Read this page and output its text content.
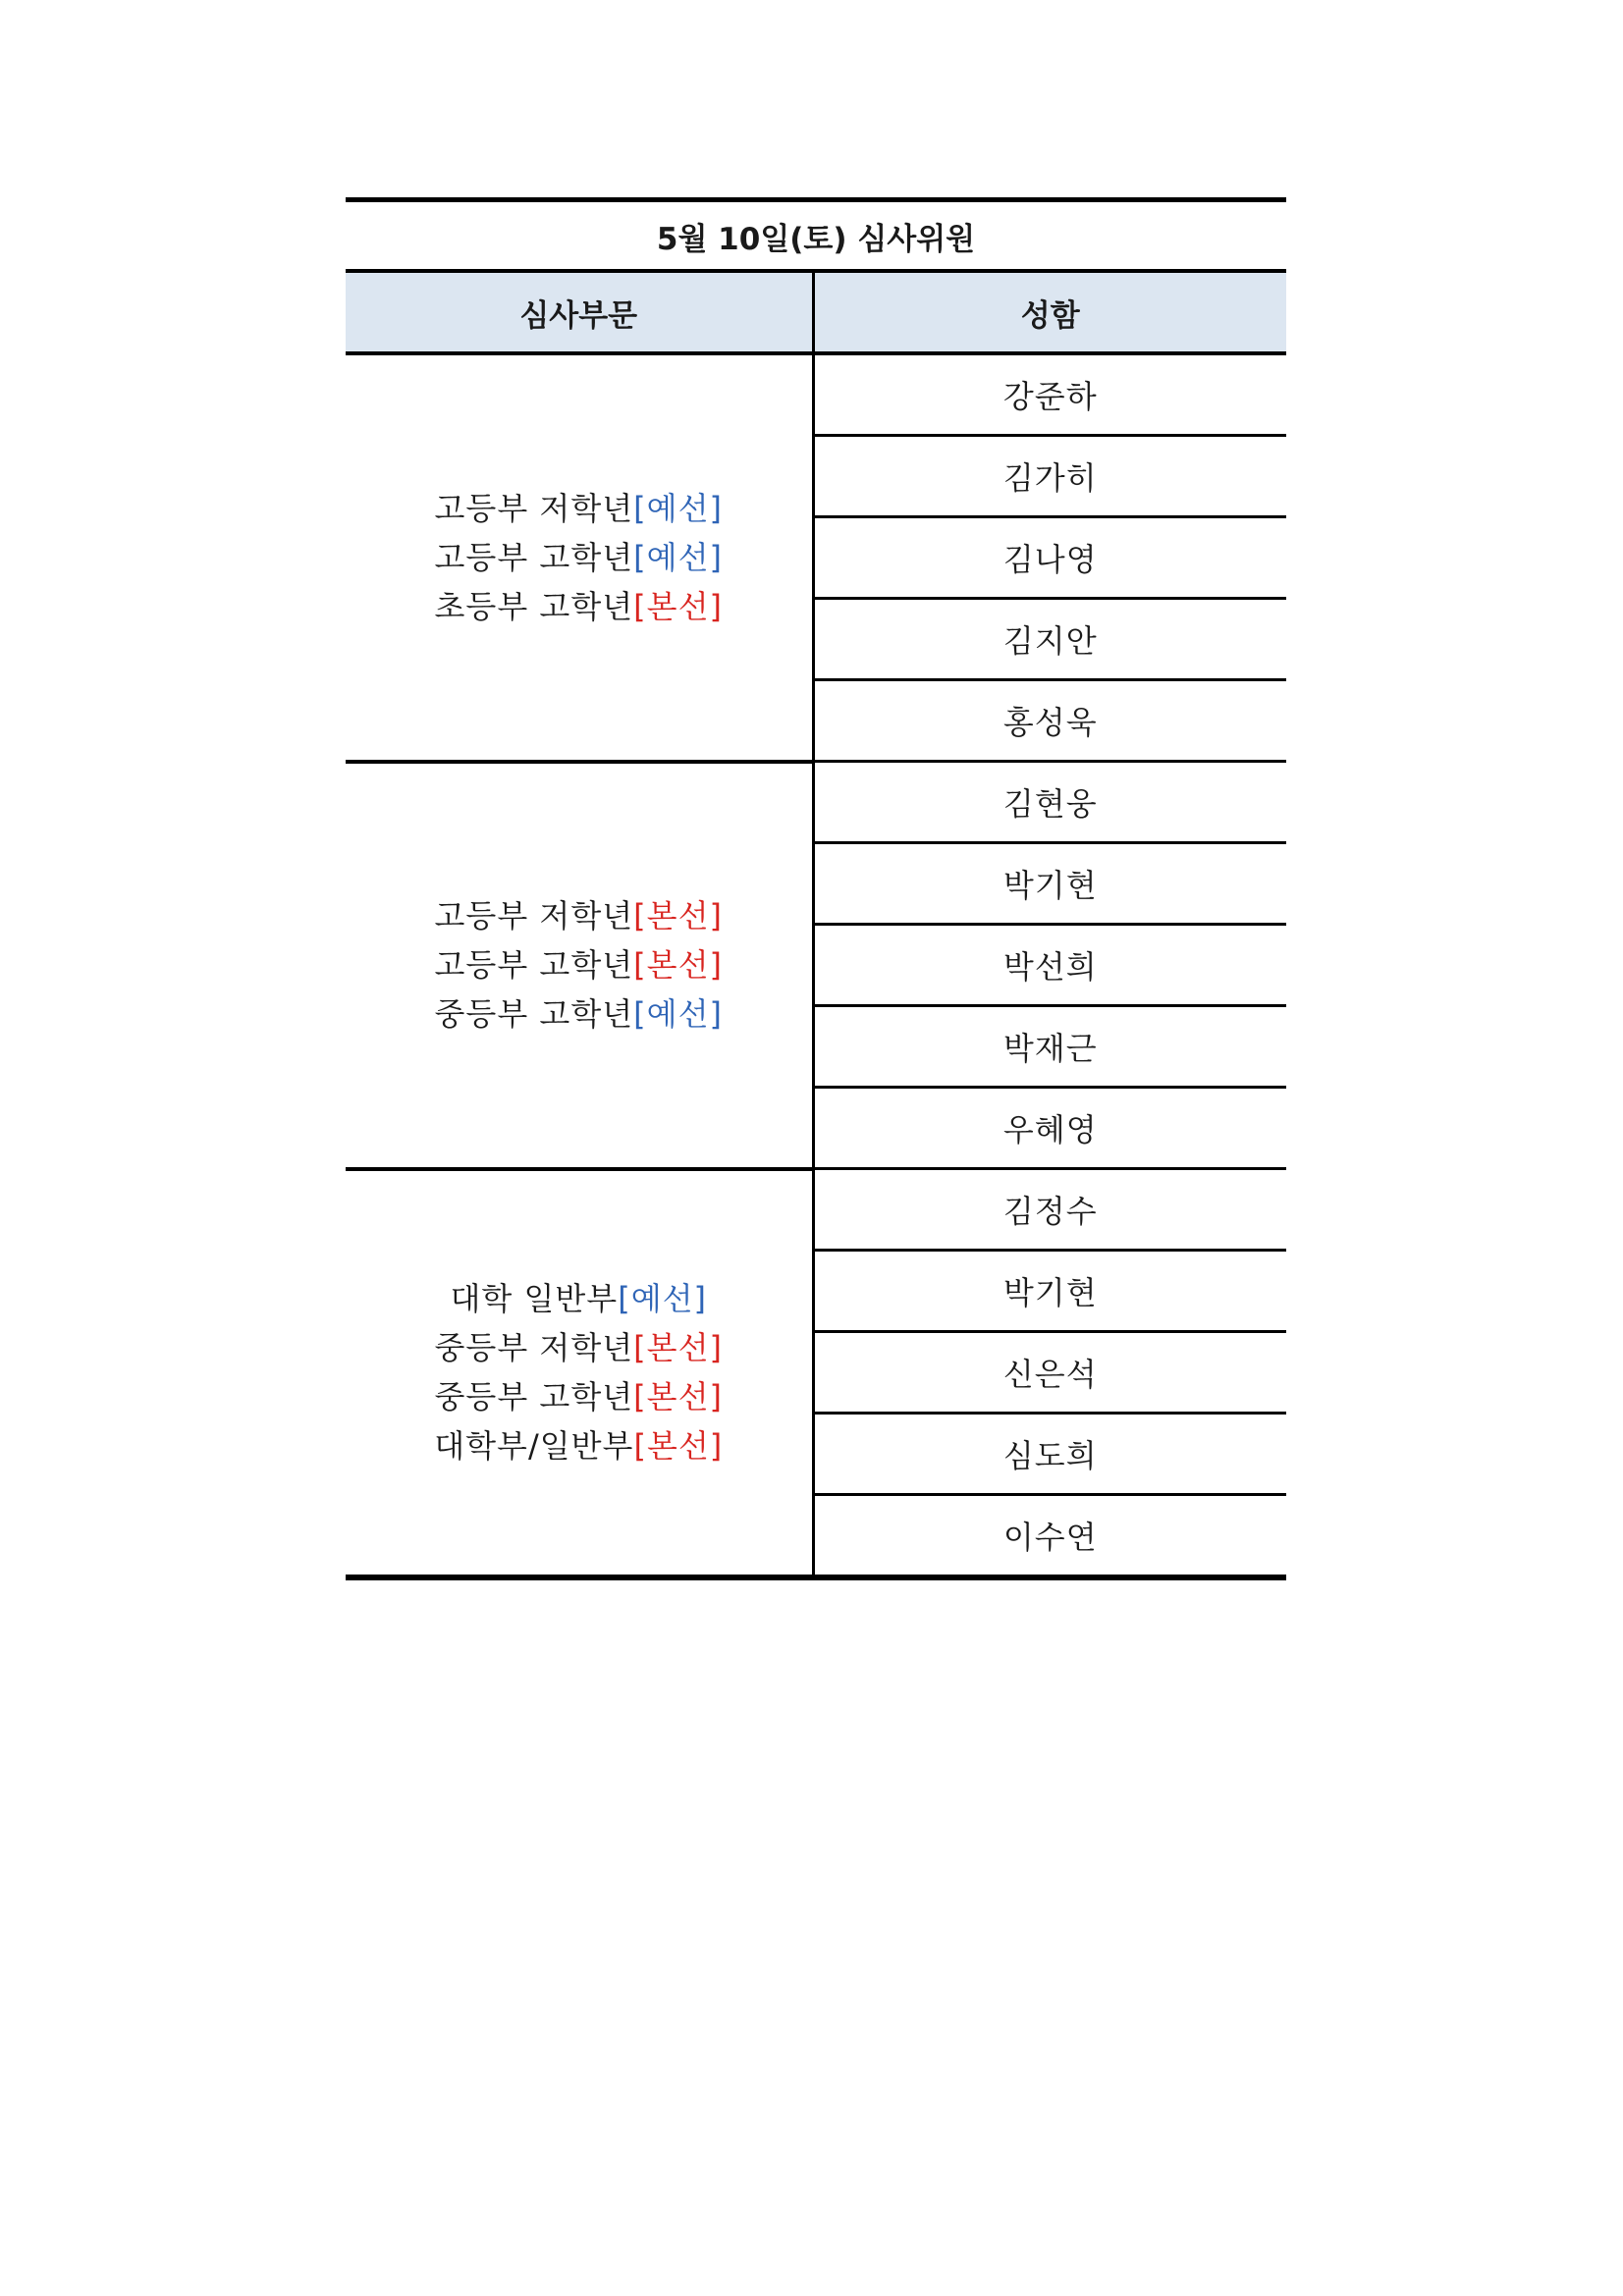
5월 10일(토) 심사위원	
심사부문	성함

고등부 저학년[예선]
고등부 고학년[예선]
초등부 고학년[본선]	강준하
	김가히
	김나영
	김지안
	홍성욱

고등부 저학년[본선]
고등부 고학년[본선]
중등부 고학년[예선]	김현웅
	박기현
	박선희
	박재근
	우혜영

대학 일반부[예선]
중등부 저학년[본선]
중등부 고학년[본선]
대학부/일반부[본선]	김정수
	박기현
	신은석
	심도희
	이수연
